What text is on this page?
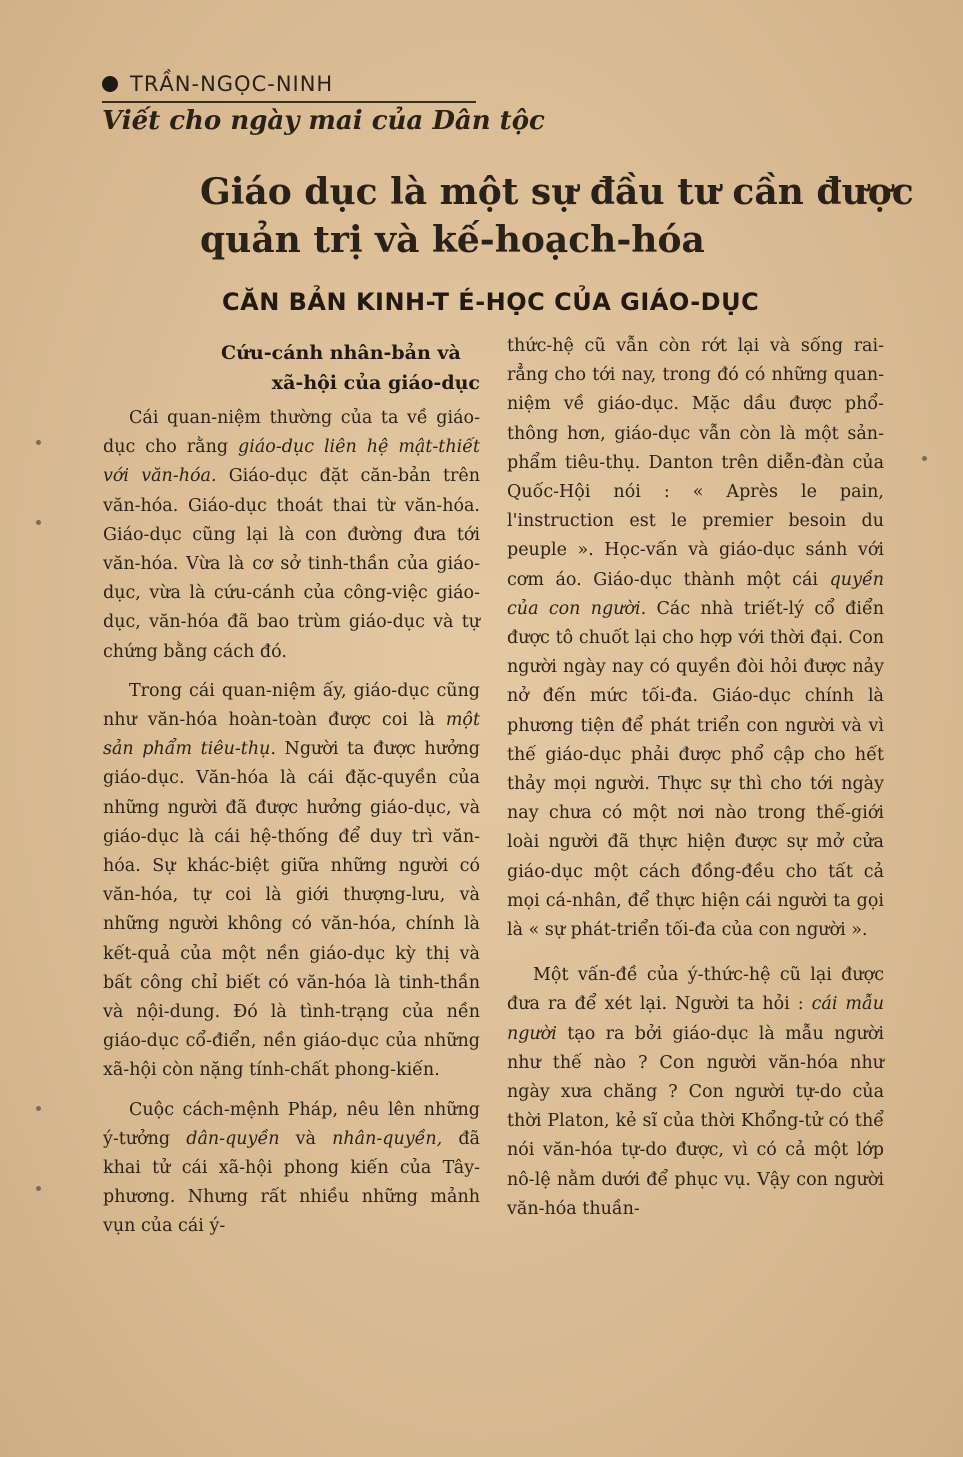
TRẦN-NGỌC-NINH
Viết cho ngày mai của Dân tộc
Giáo dục là một sự đầu tư cần được quản trị và kế-hoạch-hóa
CĂN BẢN KINH-T É-HỌC CỦA GIÁO-DỤC
Cứu-cánh nhân-bản và
xã-hội của giáo-dục

Cái quan-niệm thường của ta về giáo-dục cho rằng giáo-dục liên hệ mật-thiết với văn-hóa. Giáo-dục đặt căn-bản trên văn-hóa. Giáo-dục thoát thai từ văn-hóa. Giáo-dục cũng lại là con đường đưa tới văn-hóa. Vừa là cơ sở tinh-thần của giáo-dục, vừa là cứu-cánh của công-việc giáo-dục, văn-hóa đã bao trùm giáo-dục và tự chứng bằng cách đó.

Trong cái quan-niệm ấy, giáo-dục cũng như văn-hóa hoàn-toàn được coi là một sản phẩm tiêu-thụ. Người ta được hưởng giáo-dục. Văn-hóa là cái đặc-quyền của những người đã được hưởng giáo-dục, và giáo-dục là cái hệ-thống để duy trì văn-hóa. Sự khác-biệt giữa những người có văn-hóa, tự coi là giới thượng-lưu, và những người không có văn-hóa, chính là kết-quả của một nền giáo-dục kỳ thị và bất công chỉ biết có văn-hóa là tinh-thần và nội-dung. Đó là tình-trạng của nền giáo-dục cổ-điển, nền giáo-dục của những xã-hội còn nặng tính-chất phong-kiến.

Cuộc cách-mệnh Pháp, nêu lên những ý-tưởng dân-quyền và nhân-quyền, đã khai tử cái xã-hội phong kiến của Tây-phương. Nhưng rất nhiều những mảnh vụn của cái ý-

thức-hệ cũ vẫn còn rớt lại và sống rai-rẳng cho tới nay, trong đó có những quan-niệm về giáo-dục. Mặc dầu được phổ-thông hơn, giáo-dục vẫn còn là một sản-phẩm tiêu-thụ. Danton trên diễn-đàn của Quốc-Hội nói : « Après le pain, l'instruction est le premier besoin du peuple ». Học-vấn và giáo-dục sánh với cơm áo. Giáo-dục thành một cái quyền của con người. Các nhà triết-lý cổ điển được tô chuốt lại cho hợp với thời đại. Con người ngày nay có quyền đòi hỏi được nảy nở đến mức tối-đa. Giáo-dục chính là phương tiện để phát triển con người và vì thế giáo-dục phải được phổ cập cho hết thảy mọi người. Thực sự thì cho tới ngày nay chưa có một nơi nào trong thế-giới loài người đã thực hiện được sự mở cửa giáo-dục một cách đồng-đều cho tất cả mọi cá-nhân, để thực hiện cái người ta gọi là « sự phát-triển tối-đa của con người ».

Một vấn-đề của ý-thức-hệ cũ lại được đưa ra để xét lại. Người ta hỏi : cái mẫu người tạo ra bởi giáo-dục là mẫu người như thế nào ? Con người văn-hóa như ngày xưa chăng ? Con người tự-do của thời Platon, kẻ sĩ của thời Khổng-tử có thể nói văn-hóa tự-do được, vì có cả một lớp nô-lệ nằm dưới để phục vụ. Vậy con người văn-hóa thuần-
